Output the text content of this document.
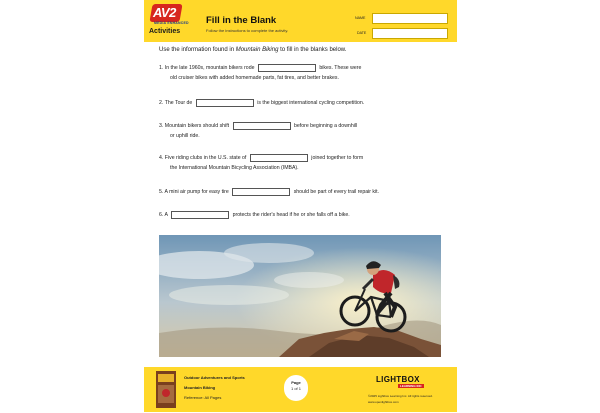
AV2
MEDIA ENHANCED
Activities
Fill in the Blank
Follow the instructions to complete the activity.
NAME
DATE
Use the information found in Mountain Biking to fill in the blanks below.
1. In the late 1960s, mountain bikers rode	bikes. These were
old cruiser bikes with added homemade parts, fat tires, and better brakes.
2. The Tour de	is the biggest international cycling competition.
3. Mountain bikers should shift	before beginning a downhill
or uphill ride.
4. Five riding clubs in the U.S. state of	joined together to form
the International Mountain Bicycling Association (IMBA).
5. A mini air pump for easy tire	should be part of every trail repair kit.
6. A	protects the rider's head if he or she falls off a bike.
Outdoor Adventures and Sports
Mountain Biking
Reference: All Pages
Page
1 of 1
LIGHTBOX
LEARNING INC
©2025 Lightbox Learning Inc. All rights reserved.
www.openlightbox.com
